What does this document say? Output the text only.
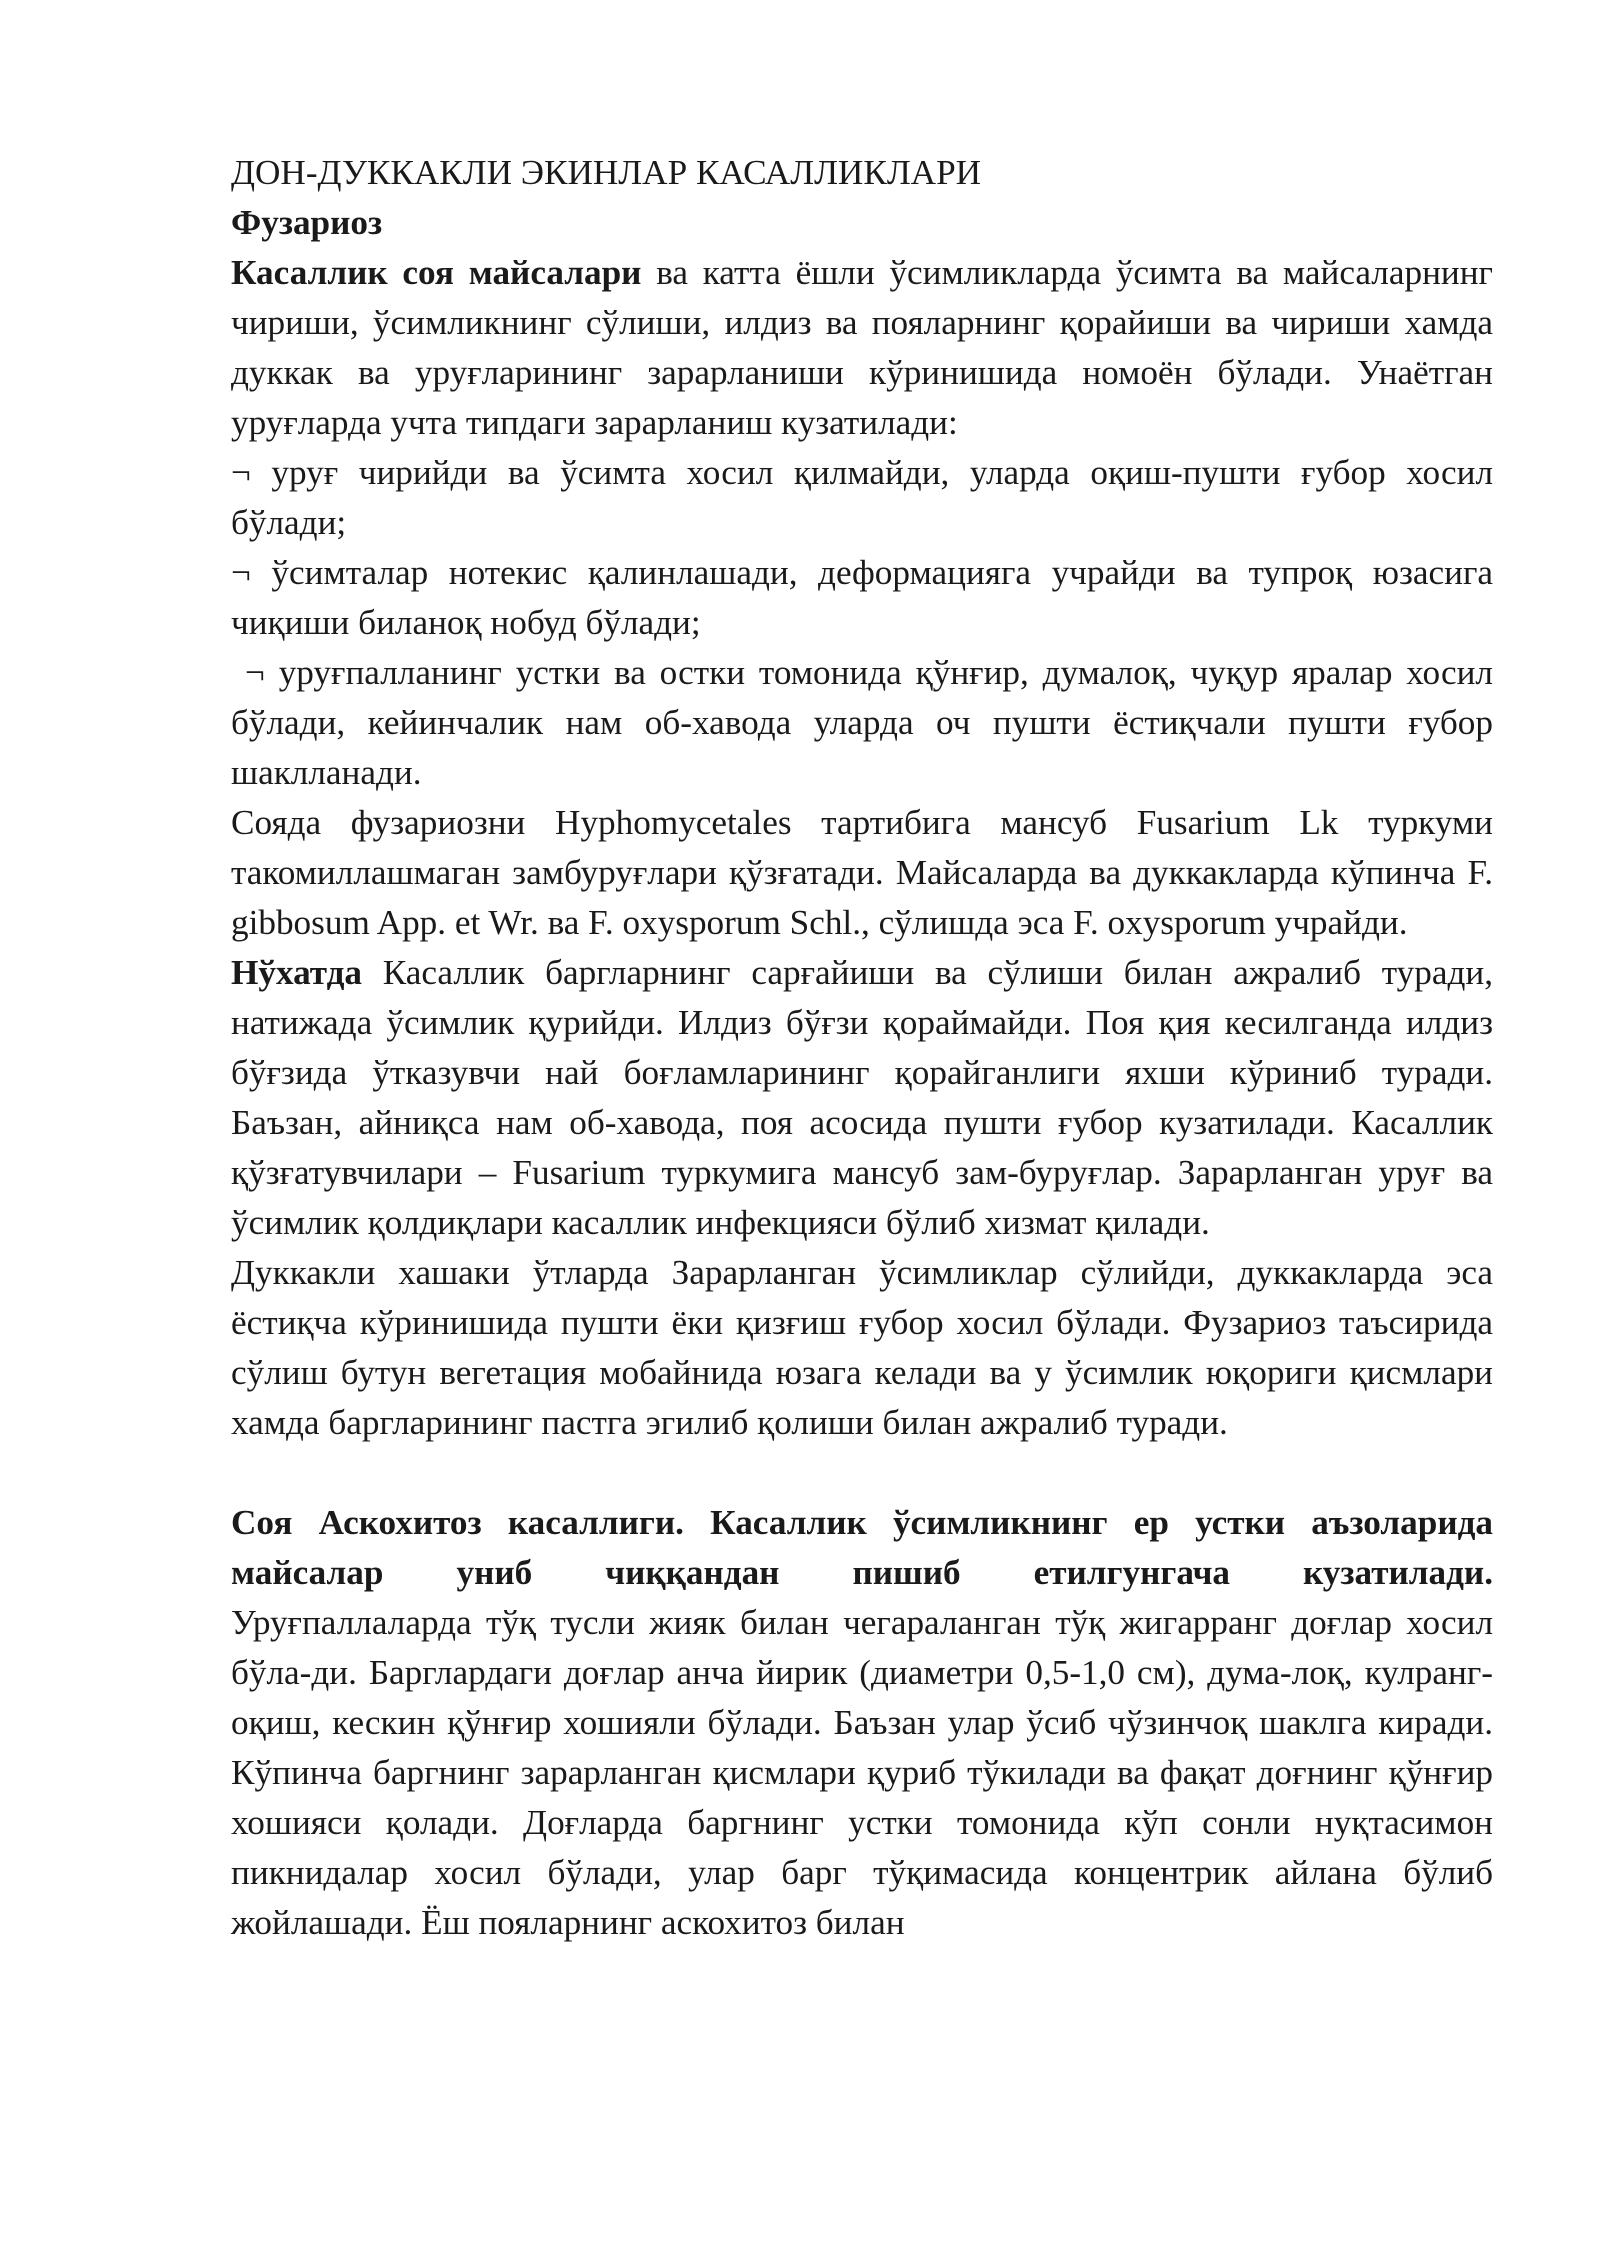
ДОН-ДУККАКЛИ ЭКИНЛАР КАСАЛЛИКЛАРИ

Фузариоз

Касаллик соя майсалари ва катта ёшли ўсимликларда ўсимта ва майсаларнинг чириши, ўсимликнинг сўлиши, илдиз ва пояларнинг қорайиши ва чириши хамда дуккак ва уруғларининг зарарланиши кўринишида номоён бўлади. Унаётган уруғларда учта типдаги зарарланиш кузатилади:

¬ уруғ чирийди ва ўсимта хосил қилмайди, уларда оқиш-пушти ғубор хосил бўлади;

¬ ўсимталар нотекис қалинлашади, деформацияга учрайди ва тупроқ юзасига чиқиши биланоқ нобуд бўлади;

¬ уруғпалланинг устки ва остки томонида қўнғир, думалоқ, чуқур яралар хосил бўлади, кейинчалик нам об-хавода уларда оч пушти ёстиқчали пушти ғубор шаклланади.

Сояда фузариозни Hyphomycetales тартибига мансуб Fusarium Lk туркуми такомиллашмаган замбуруғлари қўзғатади. Майсаларда ва дуккакларда кўпинча F. gibbosum App. et Wr. ва F. oxysporum Schl., сўлишда эса F. oxysporum учрайди.

Нўхатда Касаллик баргларнинг сарғайиши ва сўлиши билан ажралиб туради, натижада ўсимлик қурийди. Илдиз бўғзи қораймайди. Поя қия кесилганда илдиз бўғзида ўтказувчи най боғламларининг қорайганлиги яхши кўриниб туради. Баъзан, айниқса нам об-хавода, поя асосида пушти ғубор кузатилади. Касаллик қўзғатувчилари – Fusarium туркумига мансуб зам-буруғлар. Зарарланган уруғ ва ўсимлик қолдиқлари касаллик инфекцияси бўлиб хизмат қилади.

Дуккакли хашаки ўтларда Зарарланган ўсимликлар сўлийди, дуккакларда эса ёстиқча кўринишида пушти ёки қизғиш ғубор хосил бўлади. Фузариоз таъсирида сўлиш бутун вегетация мобайнида юзага келади ва у ўсимлик юқориги қисмлари хамда баргларининг пастга эгилиб қолиши билан ажралиб туради.

Соя Аскохитоз касаллиги. Касаллик ўсимликнинг ер устки аъзоларида майсалар униб чиққандан пишиб етилгунгача кузатилади.

Уруғпаллаларда тўқ тусли жияк билан чегараланган тўқ жигарранг доғлар хосил бўла-ди. Барглардаги доғлар анча йирик (диаметри 0,5-1,0 см), дума-лоқ, кулранг-оқиш, кескин қўнғир хошияли бўлади. Баъзан улар ўсиб чўзинчоқ шаклга киради. Кўпинча баргнинг зарарланган қисмлари қуриб тўкилади ва фақат доғнинг қўнғир хошияси қолади. Доғларда баргнинг устки томонида кўп сонли нуқтасимон пикнидалар хосил бўлади, улар барг тўқимасида концентрик айлана бўлиб жойлашади. Ёш пояларнинг аскохитоз билан
